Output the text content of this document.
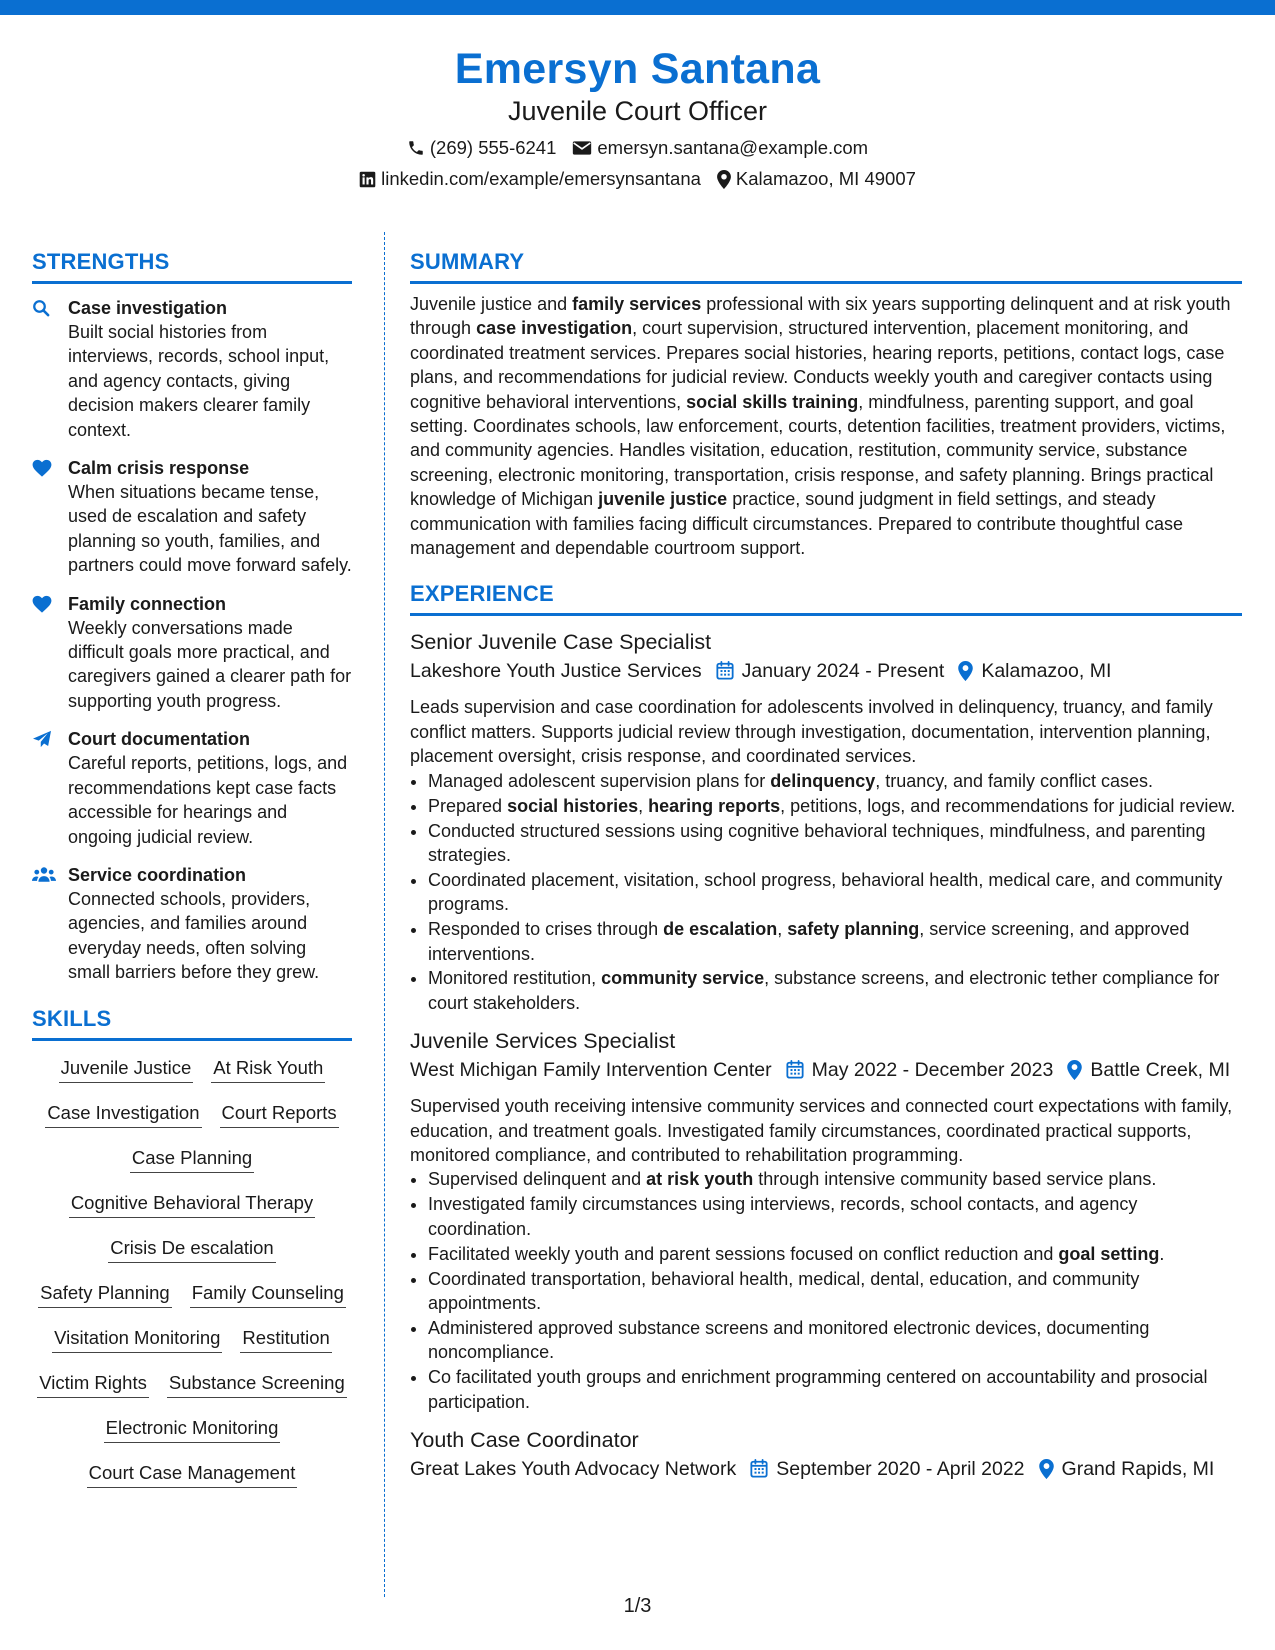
Emersyn Santana
Juvenile Court Officer
(269) 555-6241 emersyn.santana@example.com
linkedin.com/example/emersynsantana Kalamazoo, MI 49007
STRENGTHS
Case investigation
Built social histories from interviews, records, school input, and agency contacts, giving decision makers clearer family context.
Calm crisis response
When situations became tense, used de escalation and safety planning so youth, families, and partners could move forward safely.
Family connection
Weekly conversations made difficult goals more practical, and caregivers gained a clearer path for supporting youth progress.
Court documentation
Careful reports, petitions, logs, and recommendations kept case facts accessible for hearings and ongoing judicial review.
Service coordination
Connected schools, providers, agencies, and families around everyday needs, often solving small barriers before they grew.
SKILLS
Juvenile Justice At Risk Youth
Case Investigation Court Reports
Case Planning
Cognitive Behavioral Therapy
Crisis De escalation
Safety Planning Family Counseling
Visitation Monitoring Restitution
Victim Rights Substance Screening
Electronic Monitoring
Court Case Management
SUMMARY
Juvenile justice and family services professional with six years supporting delinquent and at risk youth through case investigation, court supervision, structured intervention, placement monitoring, and coordinated treatment services. Prepares social histories, hearing reports, petitions, contact logs, case plans, and recommendations for judicial review. Conducts weekly youth and caregiver contacts using cognitive behavioral interventions, social skills training, mindfulness, parenting support, and goal setting. Coordinates schools, law enforcement, courts, detention facilities, treatment providers, victims, and community agencies. Handles visitation, education, restitution, community service, substance screening, electronic monitoring, transportation, crisis response, and safety planning. Brings practical knowledge of Michigan juvenile justice practice, sound judgment in field settings, and steady communication with families facing difficult circumstances. Prepared to contribute thoughtful case management and dependable courtroom support.
EXPERIENCE
Senior Juvenile Case Specialist
Lakeshore Youth Justice Services January 2024 - Present Kalamazoo, MI
Leads supervision and case coordination for adolescents involved in delinquency, truancy, and family conflict matters. Supports judicial review through investigation, documentation, intervention planning, placement oversight, crisis response, and coordinated services.
• Managed adolescent supervision plans for delinquency, truancy, and family conflict cases.
• Prepared social histories, hearing reports, petitions, logs, and recommendations for judicial review.
• Conducted structured sessions using cognitive behavioral techniques, mindfulness, and parenting strategies.
• Coordinated placement, visitation, school progress, behavioral health, medical care, and community programs.
• Responded to crises through de escalation, safety planning, service screening, and approved interventions.
• Monitored restitution, community service, substance screens, and electronic tether compliance for court stakeholders.
Juvenile Services Specialist
West Michigan Family Intervention Center May 2022 - December 2023 Battle Creek, MI
Supervised youth receiving intensive community services and connected court expectations with family, education, and treatment goals. Investigated family circumstances, coordinated practical supports, monitored compliance, and contributed to rehabilitation programming.
• Supervised delinquent and at risk youth through intensive community based service plans.
• Investigated family circumstances using interviews, records, school contacts, and agency coordination.
• Facilitated weekly youth and parent sessions focused on conflict reduction and goal setting.
• Coordinated transportation, behavioral health, medical, dental, education, and community appointments.
• Administered approved substance screens and monitored electronic devices, documenting noncompliance.
• Co facilitated youth groups and enrichment programming centered on accountability and prosocial participation.
Youth Case Coordinator
Great Lakes Youth Advocacy Network September 2020 - April 2022 Grand Rapids, MI
1/3
